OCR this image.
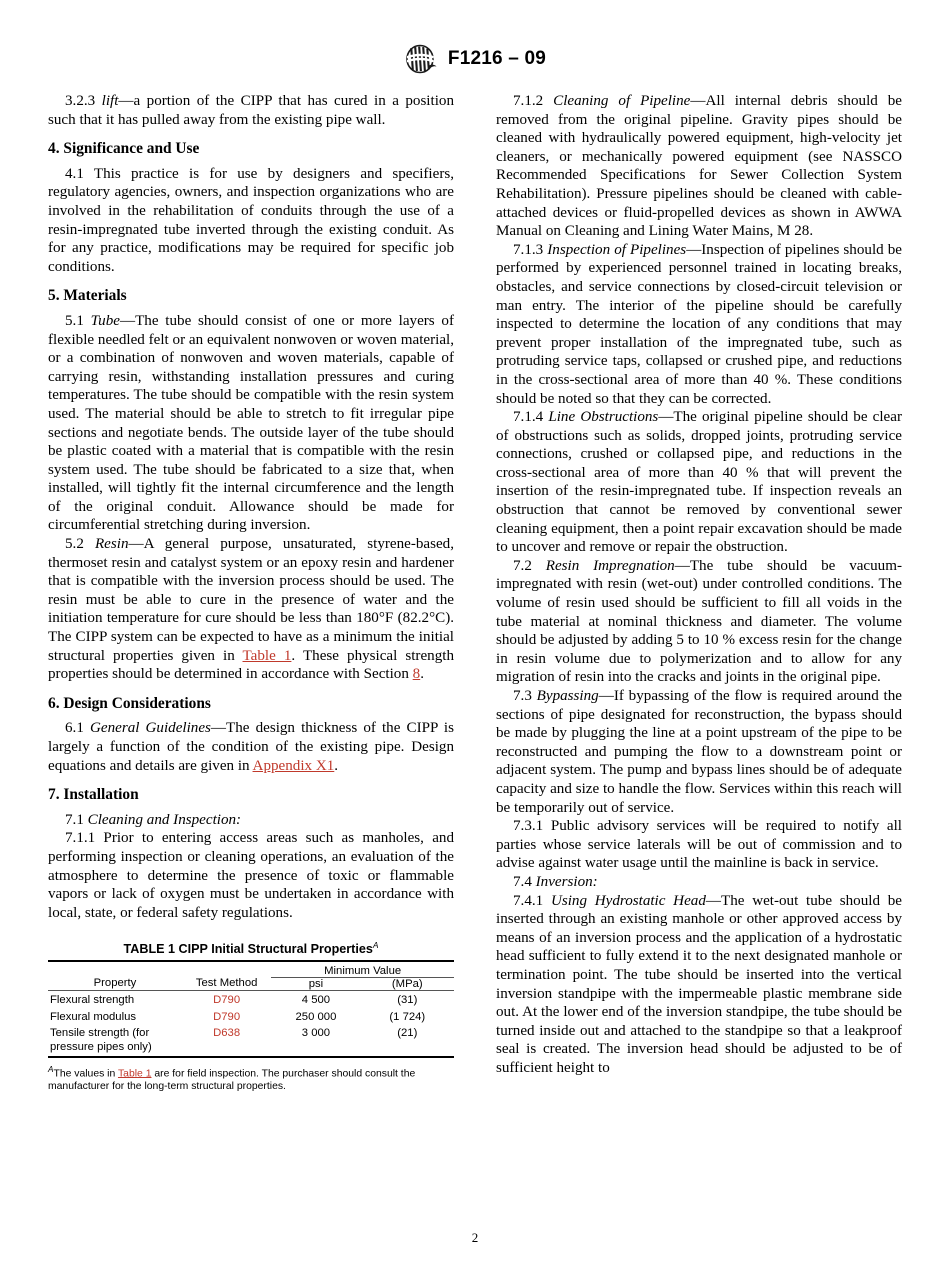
F1216 – 09

3.2.3 lift—a portion of the CIPP that has cured in a position such that it has pulled away from the existing pipe wall.

4. Significance and Use

4.1 This practice is for use by designers and specifiers, regulatory agencies, owners, and inspection organizations who are involved in the rehabilitation of conduits through the use of a resin-impregnated tube inverted through the existing conduit. As for any practice, modifications may be required for specific job conditions.

5. Materials

5.1 Tube—The tube should consist of one or more layers of flexible needled felt or an equivalent nonwoven or woven material, or a combination of nonwoven and woven materials, capable of carrying resin, withstanding installation pressures and curing temperatures. The tube should be compatible with the resin system used. The material should be able to stretch to fit irregular pipe sections and negotiate bends. The outside layer of the tube should be plastic coated with a material that is compatible with the resin system used. The tube should be fabricated to a size that, when installed, will tightly fit the internal circumference and the length of the original conduit. Allowance should be made for circumferential stretching during inversion.

5.2 Resin—A general purpose, unsaturated, styrene-based, thermoset resin and catalyst system or an epoxy resin and hardener that is compatible with the inversion process should be used. The resin must be able to cure in the presence of water and the initiation temperature for cure should be less than 180°F (82.2°C). The CIPP system can be expected to have as a minimum the initial structural properties given in Table 1. These physical strength properties should be determined in accordance with Section 8.

6. Design Considerations

6.1 General Guidelines—The design thickness of the CIPP is largely a function of the condition of the existing pipe. Design equations and details are given in Appendix X1.

7. Installation

7.1 Cleaning and Inspection:

7.1.1 Prior to entering access areas such as manholes, and performing inspection or cleaning operations, an evaluation of the atmosphere to determine the presence of toxic or flammable vapors or lack of oxygen must be undertaken in accordance with local, state, or federal safety regulations.

TABLE 1 CIPP Initial Structural Properties$^A$

		Minimum Value	
Property	Test Method	psi	(MPa)

Flexural strength	D790	4 500	(31)
Flexural modulus	D790	250 000	(1 724)
Tensile strength (for pressure pipes only)	D638	3 000	(21)

$^A$The values in Table 1 are for field inspection. The purchaser should consult the manufacturer for the long-term structural properties.

7.1.2 Cleaning of Pipeline—All internal debris should be removed from the original pipeline. Gravity pipes should be cleaned with hydraulically powered equipment, high-velocity jet cleaners, or mechanically powered equipment (see NASSCO Recommended Specifications for Sewer Collection System Rehabilitation). Pressure pipelines should be cleaned with cable-attached devices or fluid-propelled devices as shown in AWWA Manual on Cleaning and Lining Water Mains, M 28.

7.1.3 Inspection of Pipelines—Inspection of pipelines should be performed by experienced personnel trained in locating breaks, obstacles, and service connections by closed-circuit television or man entry. The interior of the pipeline should be carefully inspected to determine the location of any conditions that may prevent proper installation of the impregnated tube, such as protruding service taps, collapsed or crushed pipe, and reductions in the cross-sectional area of more than 40 %. These conditions should be noted so that they can be corrected.

7.1.4 Line Obstructions—The original pipeline should be clear of obstructions such as solids, dropped joints, protruding service connections, crushed or collapsed pipe, and reductions in the cross-sectional area of more than 40 % that will prevent the insertion of the resin-impregnated tube. If inspection reveals an obstruction that cannot be removed by conventional sewer cleaning equipment, then a point repair excavation should be made to uncover and remove or repair the obstruction.

7.2 Resin Impregnation—The tube should be vacuum-impregnated with resin (wet-out) under controlled conditions. The volume of resin used should be sufficient to fill all voids in the tube material at nominal thickness and diameter. The volume should be adjusted by adding 5 to 10 % excess resin for the change in resin volume due to polymerization and to allow for any migration of resin into the cracks and joints in the original pipe.

7.3 Bypassing—If bypassing of the flow is required around the sections of pipe designated for reconstruction, the bypass should be made by plugging the line at a point upstream of the pipe to be reconstructed and pumping the flow to a downstream point or adjacent system. The pump and bypass lines should be of adequate capacity and size to handle the flow. Services within this reach will be temporarily out of service.

7.3.1 Public advisory services will be required to notify all parties whose service laterals will be out of commission and to advise against water usage until the mainline is back in service.

7.4 Inversion:

7.4.1 Using Hydrostatic Head—The wet-out tube should be inserted through an existing manhole or other approved access by means of an inversion process and the application of a hydrostatic head sufficient to fully extend it to the next designated manhole or termination point. The tube should be inserted into the vertical inversion standpipe with the impermeable plastic membrane side out. At the lower end of the inversion standpipe, the tube should be turned inside out and attached to the standpipe so that a leakproof seal is created. The inversion head should be adjusted to be of sufficient height to

2
